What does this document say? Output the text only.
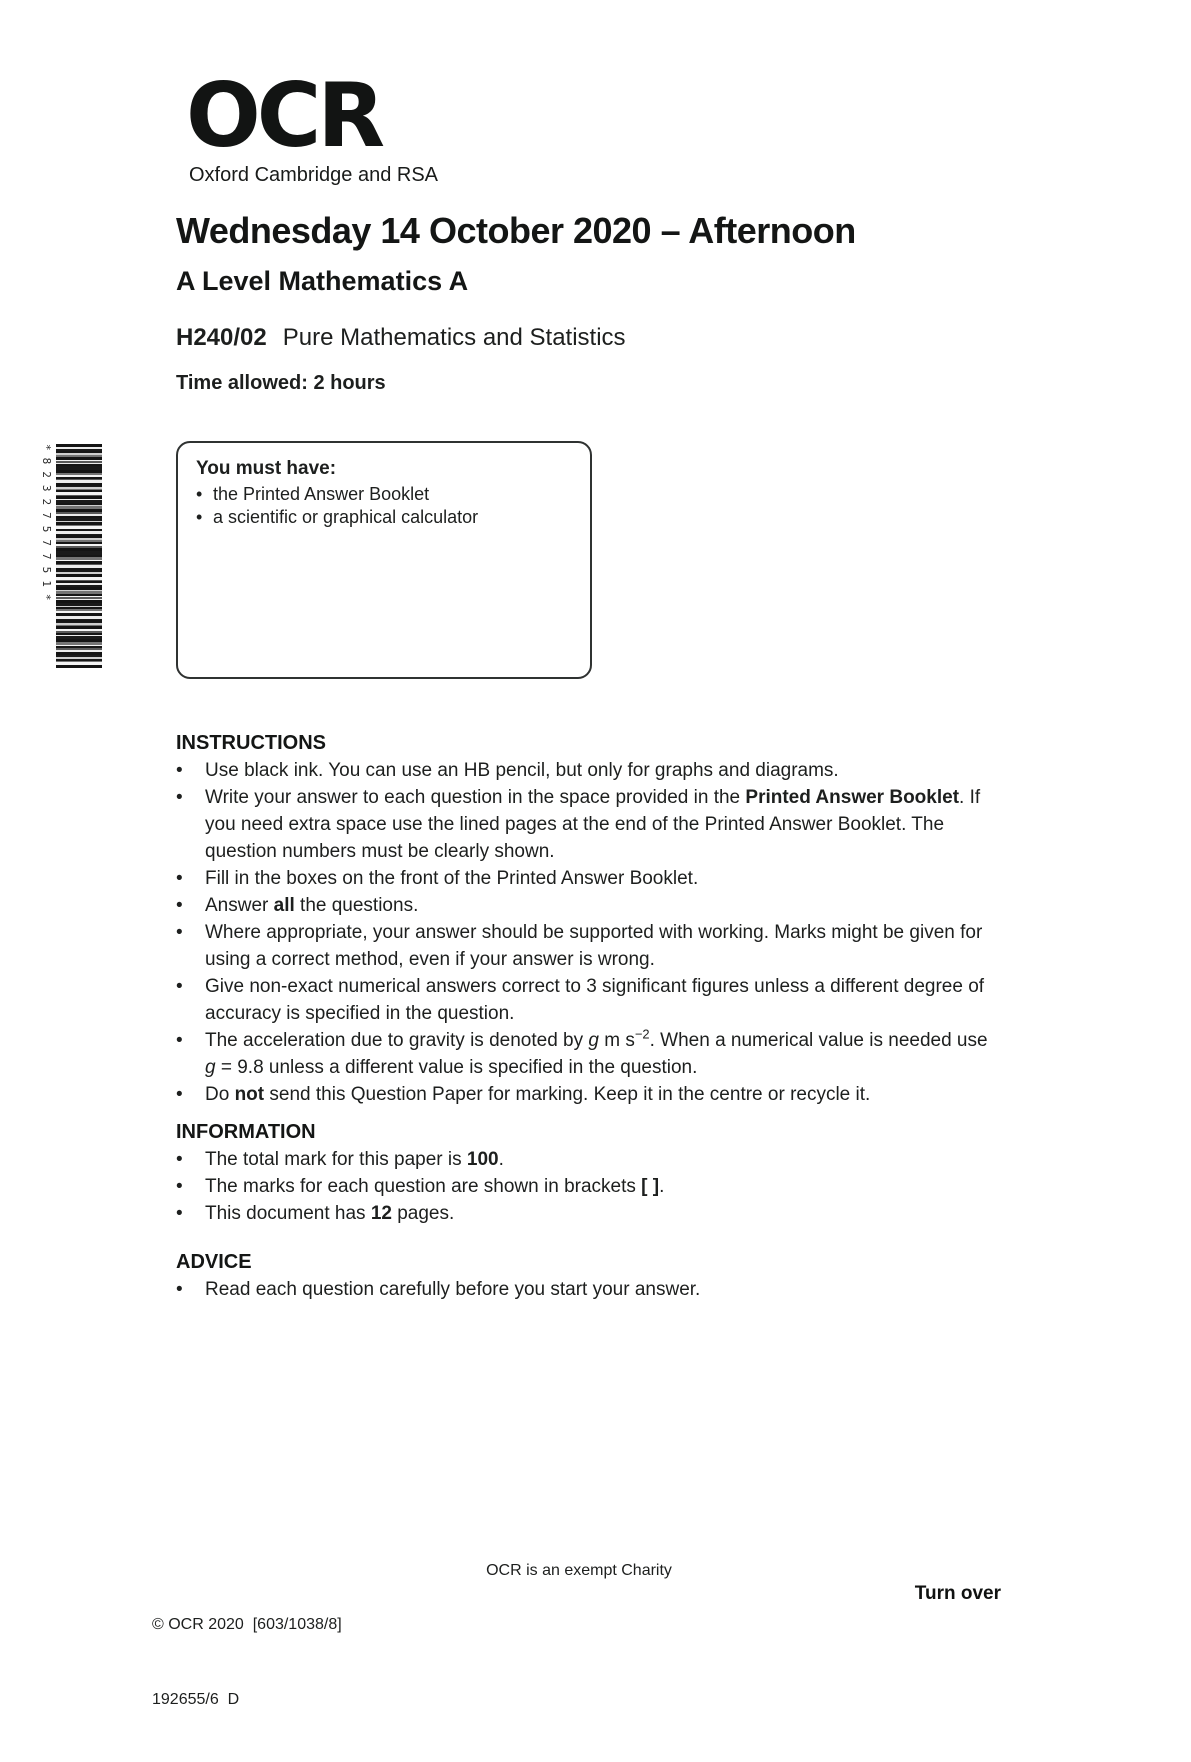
OCR
Oxford Cambridge and RSA
Wednesday 14 October 2020 – Afternoon
A Level Mathematics A
H240/02 Pure Mathematics and Statistics
Time allowed: 2 hours
*8232757751*	You must have:
• the Printed Answer Booklet
• a scientific or graphical calculator
INSTRUCTIONS
• Use black ink. You can use an HB pencil, but only for graphs and diagrams.
• Write your answer to each question in the space provided in the Printed Answer Booklet. If you need extra space use the lined pages at the end of the Printed Answer Booklet. The question numbers must be clearly shown.
• Fill in the boxes on the front of the Printed Answer Booklet.
• Answer all the questions.
• Where appropriate, your answer should be supported with working. Marks might be given for using a correct method, even if your answer is wrong.
• Give non-exact numerical answers correct to 3 significant figures unless a different degree of accuracy is specified in the question.
• The acceleration due to gravity is denoted by g m $s^{-2}$. When a numerical value is needed use g = 9.8 unless a different value is specified in the question.
• Do not send this Question Paper for marking. Keep it in the centre or recycle it.
INFORMATION
• The total mark for this paper is 100.
• The marks for each question are shown in brackets [ ].
• This document has 12 pages.
ADVICE
• Read each question carefully before you start your answer.

© OCR 2020  [603/1038/8]

192655/6  D

OCR is an exempt Charity
Turn over
